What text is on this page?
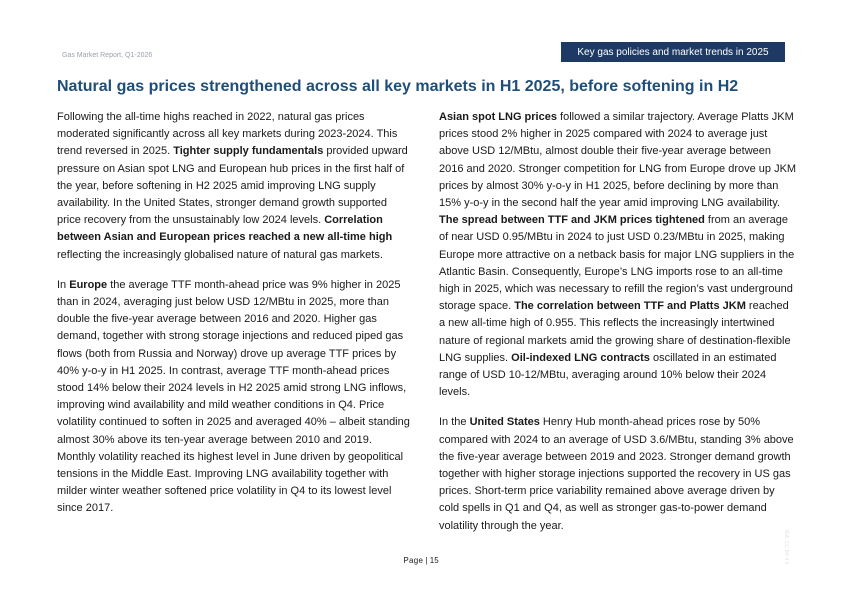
Gas Market Report, Q1-2026	Key gas policies and market trends in 2025
Natural gas prices strengthened across all key markets in H1 2025, before softening in H2

Following the all-time highs reached in 2022, natural gas prices moderated significantly across all key markets during 2023-2024. This trend reversed in 2025. Tighter supply fundamentals provided upward pressure on Asian spot LNG and European hub prices in the first half of the year, before softening in H2 2025 amid improving LNG supply availability. In the United States, stronger demand growth supported price recovery from the unsustainably low 2024 levels. Correlation between Asian and European prices reached a new all-time high reflecting the increasingly globalised nature of natural gas markets.

In Europe the average TTF month-ahead price was 9% higher in 2025 than in 2024, averaging just below USD 12/MBtu in 2025, more than double the five-year average between 2016 and 2020. Higher gas demand, together with strong storage injections and reduced piped gas flows (both from Russia and Norway) drove up average TTF prices by 40% y-o-y in H1 2025. In contrast, average TTF month-ahead prices stood 14% below their 2024 levels in H2 2025 amid strong LNG inflows, improving wind availability and mild weather conditions in Q4. Price volatility continued to soften in 2025 and averaged 40% – albeit standing almost 30% above its ten-year average between 2010 and 2019. Monthly volatility reached its highest level in June driven by geopolitical tensions in the Middle East. Improving LNG availability together with milder winter weather softened price volatility in Q4 to its lowest level since 2017.

Asian spot LNG prices followed a similar trajectory. Average Platts JKM prices stood 2% higher in 2025 compared with 2024 to average just above USD 12/MBtu, almost double their five-year average between 2016 and 2020. Stronger competition for LNG from Europe drove up JKM prices by almost 30% y-o-y in H1 2025, before declining by more than 15% y-o-y in the second half the year amid improving LNG availability. The spread between TTF and JKM prices tightened from an average of near USD 0.95/MBtu in 2024 to just USD 0.23/MBtu in 2025, making Europe more attractive on a netback basis for major LNG suppliers in the Atlantic Basin. Consequently, Europe’s LNG imports rose to an all-time high in 2025, which was necessary to refill the region’s vast underground storage space. The correlation between TTF and Platts JKM reached a new all-time high of 0.955. This reflects the increasingly intertwined nature of regional markets amid the growing share of destination-flexible LNG supplies. Oil-indexed LNG contracts oscillated in an estimated range of USD 10-12/MBtu, averaging around 10% below their 2024 levels.

In the United States Henry Hub month-ahead prices rose by 50% compared with 2024 to an average of USD 3.6/MBtu, standing 3% above the five-year average between 2019 and 2023. Stronger demand growth together with higher storage injections supported the recovery in US gas prices. Short-term price variability remained above average driven by cold spells in Q1 and Q4, as well as stronger gas-to-power demand volatility through the year.

Page | 15	IEA. CC BY 4.0.
